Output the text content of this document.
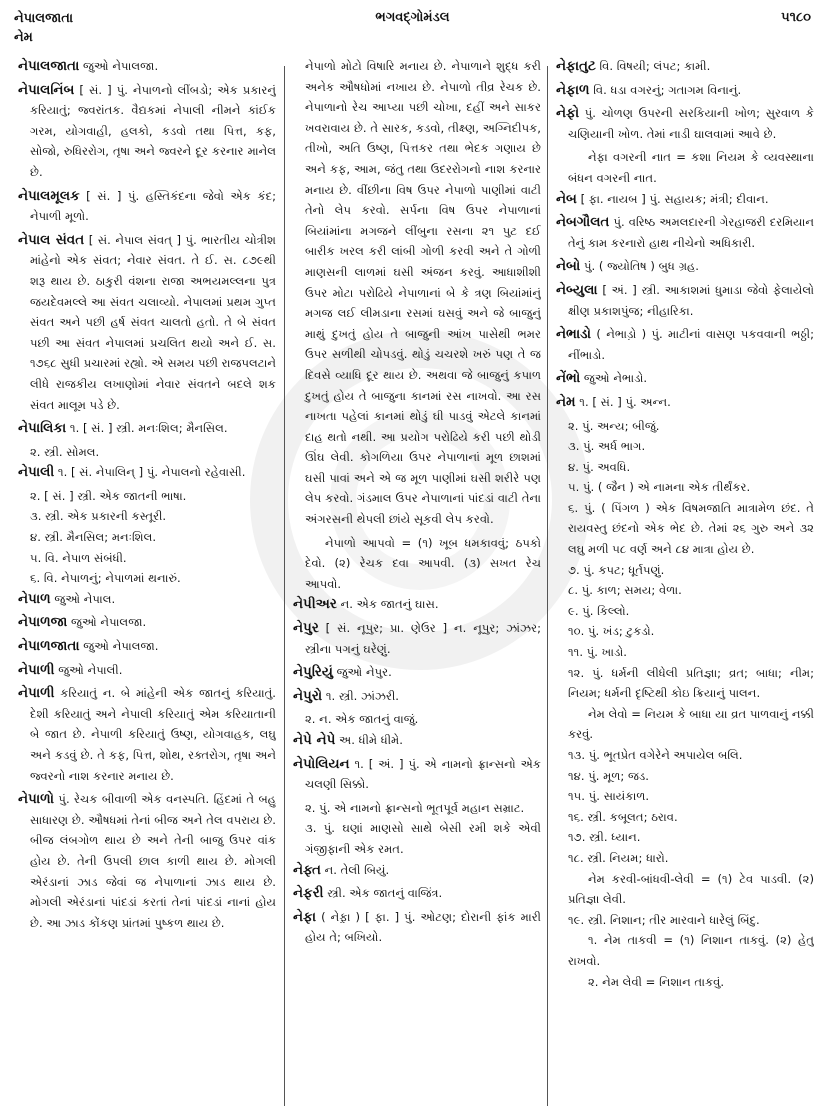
નેપાલજાતા
નેમ
ભગવદ્ગોમંડલ	૫૧૮૦
નેપાલજાતા જુઓ નેપાલજા.
નેપાલનિંબ [ સં. ] પું. નેપાળનો લીંબડો; એક પ્રકારનું કરિયાતું; જ્વરાંતક. વૈદ્યકમાં નેપાલી નીમને કાંઈક ગરમ, યોગવાહી, હલકો, કડવો તથા પિત્ત, કફ, સોજો, રુધિરરોગ, તૃષા અને જ્વરને દૂર કરનાર માનેલ છે.
નેપાલમૂલક [ સં. ] પું. હસ્તિકંદના જેવો એક કંદ; નેપાળી મૂળો.
નેપાલ સંવત [ સં. નેપાલ સંવત્ ] પું. ભારતીય ચોત્રીશ માંહેનો એક સંવત; નેવાર સંવત. તે ઈ. સ. ૮૭૯થી શરૂ થાય છે. ઠાકુરી વંશના રાજા અભયમલ્લના પુત્ર જયદેવમલ્લે આ સંવત ચલાવ્યો. નેપાલમાં પ્રથમ ગુપ્ત સંવત અને પછી હર્ષ સંવત ચાલતો હતો. તે બે સંવત પછી આ સંવત નેપાલમાં પ્રચલિત થયો અને ઈ. સ. ૧૭૬૮ સુધી પ્રચારમાં રહ્યો. એ સમય પછી રાજપલટાને લીધે રાજકીય લખાણોમાં નેવાર સંવતને બદલે શક સંવત માલૂમ પડે છે.
નેપાલિકા ૧. [ સં. ] સ્ત્રી. મનઃશિલ; મૈનસિલ.
૨. સ્ત્રી. સોમલ.
નેપાલી ૧. [ સં. નેપાલિન્ ] પું. નેપાલનો રહેવાસી.
૨. [ સં. ] સ્ત્રી. એક જાતની ભાષા.
૩. સ્ત્રી. એક પ્રકારની કસ્તૂરી.
૪. સ્ત્રી. મૈનસિલ; મનઃશિલ.
૫. વિ. નેપાળ સંબંધી.
૬. વિ. નેપાળનું; નેપાળમાં થનારું.
નેપાળ જુઓ નેપાલ.
નેપાળજા જુઓ નેપાલજા.
નેપાળજાતા જુઓ નેપાલજા.
નેપાળી જુઓ નેપાલી.
નેપાળી કરિયાતું ન. બે માંહેની એક જાતનું કરિયાતું. દેશી કરિયાતું અને નેપાલી કરિયાતું એમ કરિયાતાની બે જાત છે. નેપાળી કરિયાતું ઉષ્ણ, યોગવાહક, લઘુ અને કડવું છે. તે કફ, પિત્ત, શોથ, રક્તરોગ, તૃષા અને જ્વરનો નાશ કરનાર મનાય છે.
નેપાળો પું. રેચક બીવાળી એક વનસ્પતિ. હિંદમાં તે બહુ સાધારણ છે. ઔષધમાં તેનાં બીજ અને તેલ વપરાય છે. બીજ લંબગોળ થાય છે અને તેની બાજુ ઉપર વાંક હોય છે. તેની ઉપલી છાલ કાળી થાય છે. મોગલી એરંડાનાં ઝાડ જેવાં જ નેપાળાનાં ઝાડ થાય છે. મોગલી એરંડાનાં પાંદડાં કરતાં તેનાં પાંદડાં નાનાં હોય છે. આ ઝાડ કોંકણ પ્રાંતમાં પુષ્કળ થાય છે.
નેપાળો મોટો વિષારિ મનાય છે. નેપાળાને શુદ્ધ કરી અનેક ઔષધોમાં નખાય છે. નેપાળો તીવ્ર રેચક છે. નેપાળાનો રેચ આપ્યા પછી ચોખા, દહીં અને સાકર ખવરાવાય છે. તે સારક, કડવો, તીક્ષ્ણ, અગ્નિદીપક, તીખો, અતિ ઉષ્ણ, પિત્તકર તથા ભેદક ગણાય છે અને કફ, આમ, જંતુ તથા ઉદરરોગનો નાશ કરનાર મનાય છે. વીંછીના વિષ ઉપર નેપાળો પાણીમાં વાટી તેનો લેપ કરવો. સર્પના વિષ ઉપર નેપાળાનાં બિયાંમાંના મગજને લીંબુના રસના ૨૧ પુટ દઈ બારીક ખરલ કરી લાંબી ગોળી કરવી અને તે ગોળી માણસની લાળમાં ઘસી અંજન કરવું. આધાશીશી ઉપર મોટા પરોઢિયે નેપાળાનાં બે કે ત્રણ બિયાંમાંનું મગજ લઈ લીમડાના રસમાં ઘસવું અને જે બાજુનું માથું દુખતું હોય તે બાજુની આંખ પાસેથી ભમર ઉપર સળીથી ચોપડવું. થોડું ચચરશે ખરું પણ તે જ દિવસે વ્યાધિ દૂર થાય છે. અથવા જે બાજુનું કપાળ દુખતું હોય તે બાજુના કાનમાં રસ નાખવો. આ રસ નાખતા પહેલાં કાનમાં થોડું ઘી પાડવું એટલે કાનમાં દાહ થતો નથી. આ પ્રયોગ પરોઢિયે કરી પછી થોડી ઊંઘ લેવી. કોગળિયા ઉપર નેપાળાનાં મૂળ છાશમાં ઘસી પાવાં અને એ જ મૂળ પાણીમાં ઘસી શરીરે પણ લેપ કરવો. ગંડમાલ ઉપર નેપાળાનાં પાંદડાં વાટી તેના અંગરસની થેપલી છાંયે સૂકવી લેપ કરવો.
નેપાળો આપવો = (૧) ખૂબ ધમકાવવું; ઠપકો દેવો. (૨) રેચક દવા આપવી. (૩) સખત રેચ આપવો.
નેપીઅર ન. એક જાતનું ઘાસ.
નેપુર [ સં. નૂપુર; પ્રા. ણેઉર ] ન. નૂપુર; ઝાંઝર; સ્ત્રીના પગનું ઘરેણું.
નેપુરિયું જુઓ નેપુર.
નેપુરો ૧. સ્ત્રી. ઝાંઝરી.
૨. ન. એક જાતનું વાજું.
નેપે નેપે અ. ધીમે ધીમે.
નેપોલિયન ૧. [ અં. ] પું. એ નામનો ફ્રાન્સનો એક ચલણી સિક્કો.
૨. પું. એ નામનો ફ્રાન્સનો ભૂતપૂર્વ મહાન સમ્રાટ.
૩. પું. ઘણાં માણસો સાથે બેસી રમી શકે એવી ગંજીફાની એક રમત.
નેફ્ત ન. તેલી બિયું.
નેફરી સ્ત્રી. એક જાતનું વાજિંત્ર.
નેફા ( નેફ઼ા ) [ ફા. ] પું. ઓટણ; દોરાની ફાંક મારી હોય તે; બખિયો.
નેફાતુટ વિ. વિષયી; લંપટ; કામી.
નેફાળ વિ. ધડા વગરનું; ગતાગમ વિનાનું.
નેફો પું. ચોળણ ઉપરની સરકિયાની ખોળ; સુરવાળ કે ચણિયાની ખોળ. તેમાં નાડી ઘાલવામાં આવે છે.
નેફા વગરની નાત = કશા નિયમ કે વ્યવસ્થાના બંધન વગરની નાત.
નેબ [ ફા. નાયબ ] પું. સહાયક; મંત્રી; દીવાન.
નેબગૌલત પું. વરિષ્ઠ અમલદારની ગેરહાજરી દરમિયાન તેનું કામ કરનારો હાથ નીચેનો અધિકારી.
નેબો પું. ( જ્યોતિષ ) બુધ ગ્રહ.
નેબ્યુલા [ અં. ] સ્ત્રી. આકાશમાં ધુમાડા જેવો ફેલાયેલો ક્ષીણ પ્રકાશપુંજ; નીહારિકા.
નેભાડો ( નેભાડ઼ો ) પું. માટીનાં વાસણ પકવવાની ભઠ્ઠી; નીંભાડો.
નેંભો જુઓ નેભાડો.
નેમ ૧. [ સં. ] પું. અન્ન.
૨. પું. અન્ય; બીજું.
૩. પું. અર્ધ ભાગ.
૪. પું. અવધિ.
૫. પું. ( જૈન ) એ નામના એક તીર્થંકર.
૬. પું. ( પિંગળ ) એક વિષમજાતિ માત્રામેળ છંદ. તે રાયવસ્તુ છંદનો એક ભેદ છે. તેમાં ૨૬ ગુરુ અને ૩૨ લઘુ મળી ૫૮ વર્ણ અને ૮૪ માત્રા હોય છે.
૭. પું. કપટ; ધૂર્તપણું.
૮. પું. કાળ; સમય; વેળા.
૯. પું. કિલ્લો.
૧૦. પું. ખંડ; ટુકડો.
૧૧. પું. ખાડો.
૧૨. પું. ધર્મની લીધેલી પ્રતિજ્ઞા; વ્રત; બાધા; નીમ; નિયમ; ધર્મની દૃષ્ટિથી કોઇ ક્રિયાનું પાલન.
નેમ લેવો = નિયમ કે બાધા યા વ્રત પાળવાનું નક્કી કરવું.
૧૩. પું. ભૂતપ્રેત વગેરેને અપાયેલ બલિ.
૧૪. પું. મૂળ; જડ.
૧૫. પું. સાયંકાળ.
૧૬. સ્ત્રી. કબૂલત; ઠરાવ.
૧૭. સ્ત્રી. ધ્યાન.
૧૮. સ્ત્રી. નિયમ; ધારો.
નેમ કરવી-બાંધવી-લેવી = (૧) ટેવ પાડવી. (૨) પ્રતિજ્ઞા લેવી.
૧૯. સ્ત્રી. નિશાન; તીર મારવાને ધારેલું બિંદુ.
૧. નેમ તાકવી = (૧) નિશાન તાકવું. (૨) હેતુ રાખવો.
૨. નેમ લેવી = નિશાન તાકવું.
